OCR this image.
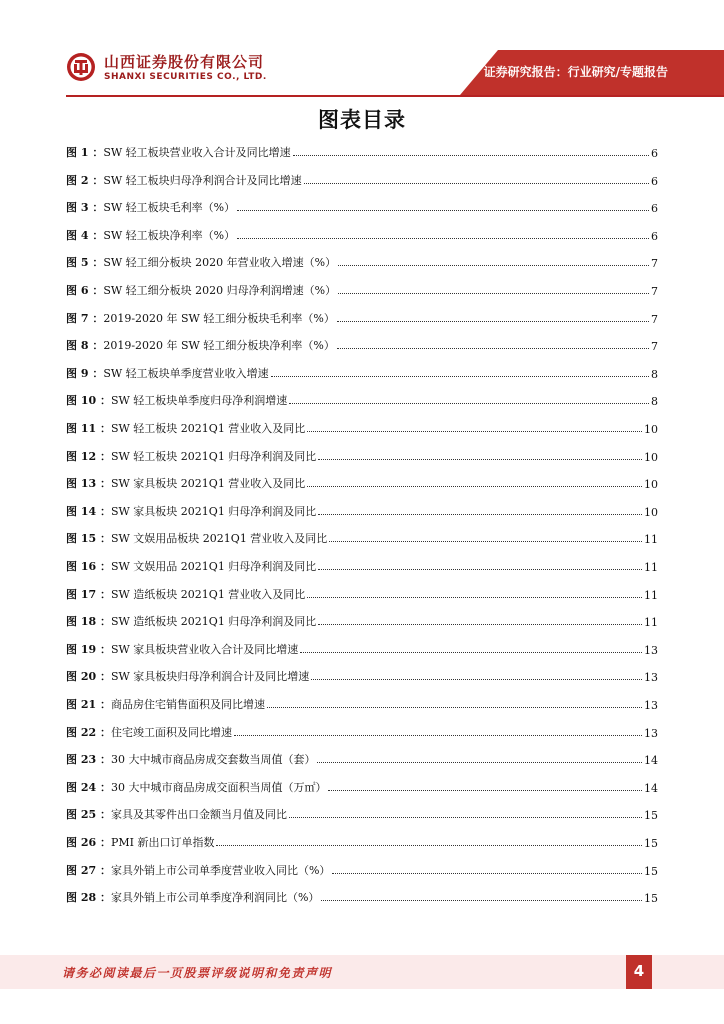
山西证券股份有限公司
SHANXI SECURITIES CO., LTD.	证券研究报告：行业研究/专题报告
图表目录
图 1 ： SW 轻工板块营业收入合计及同比增速	6
图 2 ： SW 轻工板块归母净利润合计及同比增速	6
图 3 ： SW 轻工板块毛利率（%）	6
图 4 ： SW 轻工板块净利率（%）	6
图 5 ： SW 轻工细分板块 2020 年营业收入增速（%）	7
图 6 ： SW 轻工细分板块 2020 归母净利润增速（%）	7
图 7 ： 2019-2020 年 SW 轻工细分板块毛利率（%）	7
图 8 ： 2019-2020 年 SW 轻工细分板块净利率（%）	7
图 9 ： SW 轻工板块单季度营业收入增速	8
图 10 ： SW 轻工板块单季度归母净利润增速	8
图 11 ： SW 轻工板块 2021Q1 营业收入及同比	10
图 12 ： SW 轻工板块 2021Q1 归母净利润及同比	10
图 13 ： SW 家具板块 2021Q1 营业收入及同比	10
图 14 ： SW 家具板块 2021Q1 归母净利润及同比	10
图 15 ： SW 文娱用品板块 2021Q1 营业收入及同比	11
图 16 ： SW 文娱用品 2021Q1 归母净利润及同比	11
图 17 ： SW 造纸板块 2021Q1 营业收入及同比	11
图 18 ： SW 造纸板块 2021Q1 归母净利润及同比	11
图 19 ： SW 家具板块营业收入合计及同比增速	13
图 20 ： SW 家具板块归母净利润合计及同比增速	13
图 21 ： 商品房住宅销售面积及同比增速	13
图 22 ： 住宅竣工面积及同比增速	13
图 23 ： 30 大中城市商品房成交套数当周值（套）	14
图 24 ： 30 大中城市商品房成交面积当周值（万㎡）	14
图 25 ： 家具及其零件出口金额当月值及同比	15
图 26 ： PMI 新出口订单指数	15
图 27 ： 家具外销上市公司单季度营业收入同比（%）	15
图 28 ： 家具外销上市公司单季度净利润同比（%）	15
请务必阅读最后一页股票评级说明和免责声明	4
